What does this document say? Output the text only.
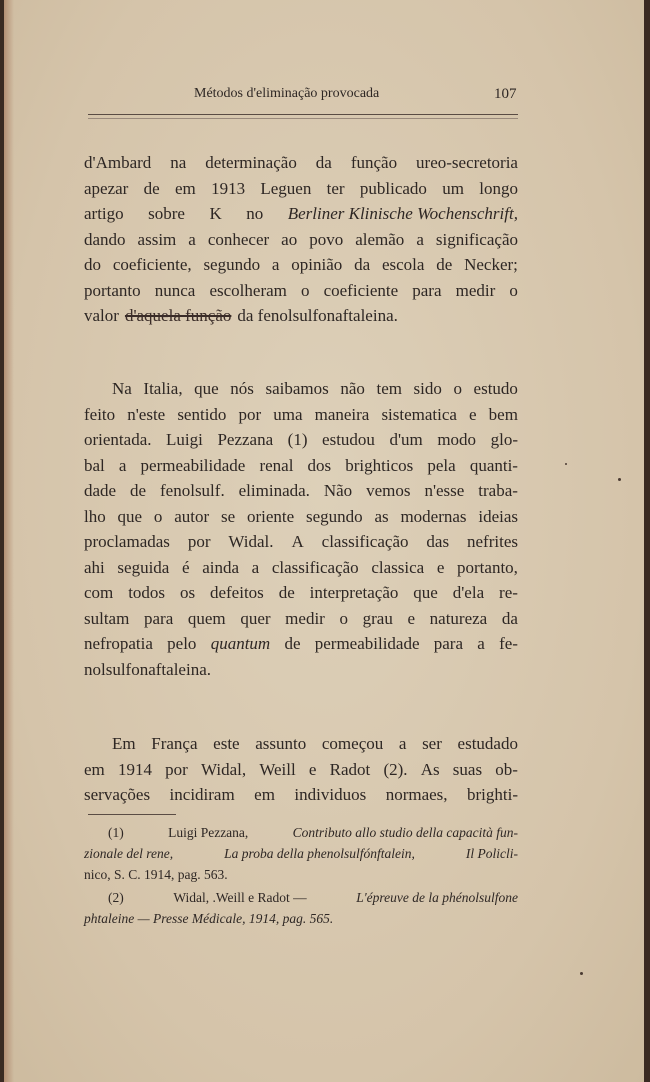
Métodos d'eliminação provocada	107
d'Ambard na determinação da função ureo-secretoria
apezar de em 1913 Leguen ter publicado um longo
artigo sobre K no Berliner Klinische Wochenschrift,
dando assim a conhecer ao povo alemão a significação
do coeficiente, segundo a opinião da escola de Necker;
portanto nunca escolheram o coeficiente para medir o
valor d'aquela função da fenolsulfonaftaleina.
Na Italia, que nós saibamos não tem sido o estudo
feito n'este sentido por uma maneira sistematica e bem
orientada. Luigi Pezzana (1) estudou d'um modo glo-
bal a permeabilidade renal dos brighticos pela quanti-
dade de fenolsulf. eliminada. Não vemos n'esse traba-
lho que o autor se oriente segundo as modernas ideias
proclamadas por Widal. A classificação das nefrites
ahi seguida é ainda a classificação classica e portanto,
com todos os defeitos de interpretação que d'ela re-
sultam para quem quer medir o grau e natureza da
nefropatia pelo quantum de permeabilidade para a fe-
nolsulfonaftaleina.
Em França este assunto começou a ser estudado
em 1914 por Widal, Weill e Radot (2). As suas ob-
servações incidiram em individuos normaes, brighti-
(1)	Luigi Pezzana,	Contributo allo studio della capacità fun-
zionale del rene,	La proba della phenolsulfónftalein,	Il Policli-
nico, S. C. 1914, pag. 563.
(2)	Widal, .Weill e Radot —	L'épreuve de la phénolsulfone
phtaleine — Presse Médicale, 1914, pag. 565.
